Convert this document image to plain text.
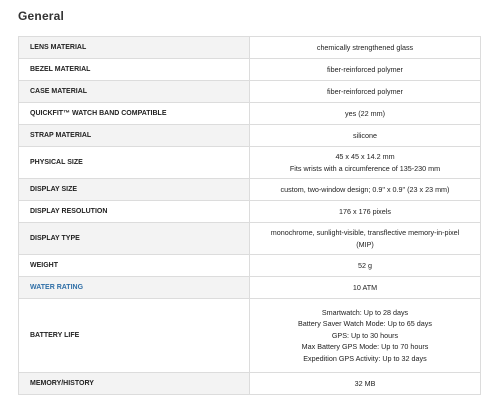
General
LENS MATERIAL	chemically strengthened glass

BEZEL MATERIAL	fiber-reinforced polymer

CASE MATERIAL	fiber-reinforced polymer

QUICKFIT™ WATCH BAND COMPATIBLE	yes (22 mm)

STRAP MATERIAL	silicone

PHYSICAL SIZE	45 x 45 x 14.2 mm
Fits wrists with a circumference of 135-230 mm

DISPLAY SIZE	custom, two-window design; 0.9" x 0.9" (23 x 23 mm)

DISPLAY RESOLUTION	176 x 176 pixels

DISPLAY TYPE	monochrome, sunlight-visible, transflective memory-in-pixel
(MIP)

WEIGHT	52 g

WATER RATING	10 ATM

BATTERY LIFE	Smartwatch: Up to 28 days
Battery Saver Watch Mode: Up to 65 days
GPS: Up to 30 hours
Max Battery GPS Mode: Up to 70 hours
Expedition GPS Activity: Up to 32 days

MEMORY/HISTORY	32 MB
